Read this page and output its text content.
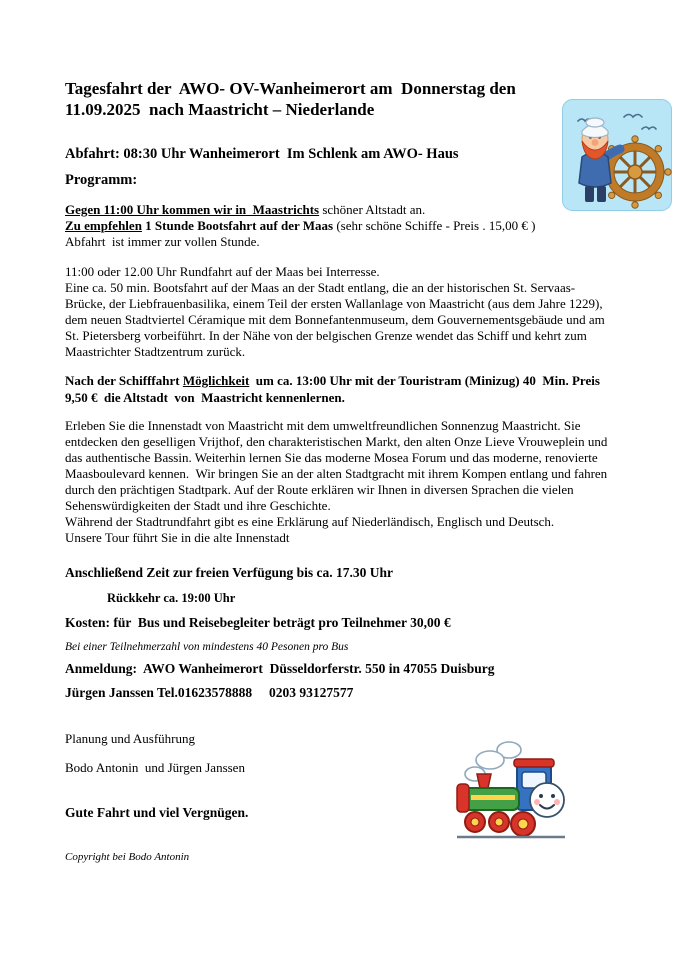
Tagesfahrt der  AWO- OV-Wanheimerort am  Donnerstag den 11.09.2025  nach Maastricht – Niederlande

Abfahrt: 08:30 Uhr Wanheimerort  Im Schlenk am AWO- Haus

Programm:

Gegen 11:00 Uhr kommen wir in  Maastrichts schöner Altstadt an.

Zu empfehlen 1 Stunde Bootsfahrt auf der Maas (sehr schöne Schiffe - Preis . 15,00 € )

Abfahrt  ist immer zur vollen Stunde.

11:00 oder 12.00 Uhr Rundfahrt auf der Maas bei Interresse.

Eine ca. 50 min. Bootsfahrt auf der Maas an der Stadt entlang, die an der historischen St. Servaas-Brücke, der Liebfrauenbasilika, einem Teil der ersten Wallanlage von Maastricht (aus dem Jahre 1229), dem neuen Stadtviertel Céramique mit dem Bonnefantenmuseum, dem Gouvernementsgebäude und am St. Pietersberg vorbeiführt. In der Nähe von der belgischen Grenze wendet das Schiff und kehrt zum Maastrichter Stadtzentrum zurück.

Nach der Schifffahrt Möglichkeit  um ca. 13:00 Uhr mit der Touristram (Minizug) 40  Min. Preis 9,50 €  die Altstadt  von  Maastricht kennenlernen.

Erleben Sie die Innenstadt von Maastricht mit dem umweltfreundlichen Sonnenzug Maastricht. Sie entdecken den geselligen Vrijthof, den charakteristischen Markt, den alten Onze Lieve Vrouweplein und das authentische Bassin. Weiterhin lernen Sie das moderne Mosea Forum und das moderne, renovierte Maasboulevard kennen.  Wir bringen Sie an der alten Stadtgracht mit ihrem Kompen entlang und fahren durch den prächtigen Stadtpark. Auf der Route erklären wir Ihnen in diversen Sprachen die vielen Sehenswürdigkeiten der Stadt und ihre Geschichte.

Während der Stadtrundfahrt gibt es eine Erklärung auf Niederländisch, Englisch und Deutsch.

Unsere Tour führt Sie in die alte Innenstadt

Anschließend Zeit zur freien Verfügung bis ca. 17.30 Uhr

Rückkehr ca. 19:00 Uhr

Kosten: für  Bus und Reisebegleiter beträgt pro Teilnehmer 30,00 €

Bei einer Teilnehmerzahl von mindestens 40 Pesonen pro Bus

Anmeldung:  AWO Wanheimerort  Düsseldorferstr. 550 in 47055 Duisburg

Jürgen Janssen Tel.01623578888     0203 93127577

Planung und Ausführung

Bodo Antonin  und Jürgen Janssen

Gute Fahrt und viel Vergnügen.

Copyright bei Bodo Antonin
